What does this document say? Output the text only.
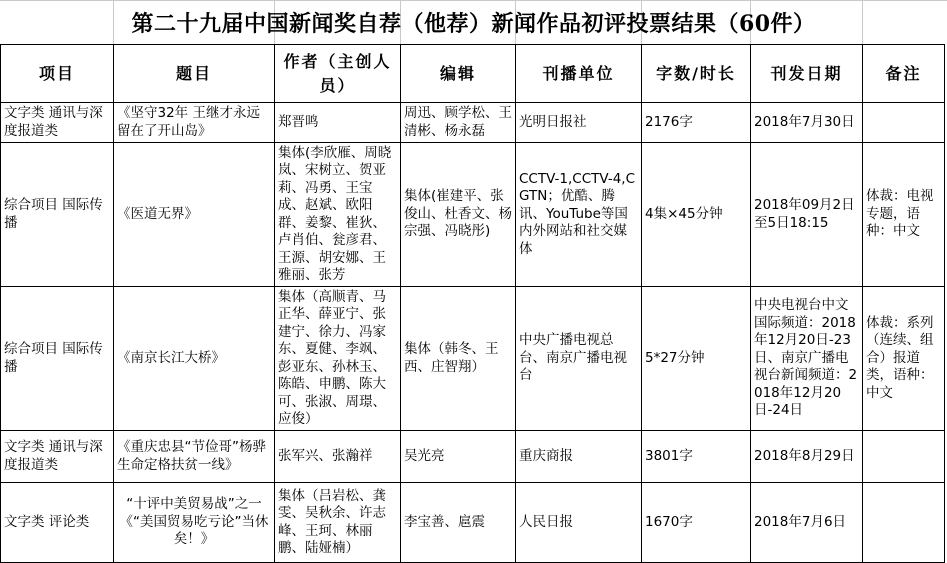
第二十九届中国新闻奖自荐（他荐）新闻作品初评投票结果（60件）
项目	题目	作者（主创人员）	编辑	刊播单位	字数/时长	刊发日期	备注
文字类 通讯与深度报道类	《坚守32年 王继才永远留在了开山岛》	郑晋鸣	周迅、顾学松、王清彬、杨永磊	光明日报社	2176字	2018年7月30日	
综合项目 国际传播	《医道无界》	集体(李欣雁、周晓岚、宋树立、贺亚莉、冯勇、王宝成、赵斌、欧阳群、姜黎、崔狄、卢肖伯、瓮彦君、王源、胡安娜、王雅丽、张芳	集体(崔建平、张俊山、杜香文、杨宗强、冯晓彤)	CCTV-1,CCTV-4,CGTN；优酷、腾讯、YouTube等国内外网站和社交媒体	4集×45分钟	2018年09月2日至5日18:15	体裁：电视专题，语种：中文
综合项目 国际传播	《南京长江大桥》	集体（高顺青、马正华、薛亚宁、张建宁、徐力、冯家东、夏健、李飒、彭亚东、孙林玉、陈皓、申鹏、陈大可、张淑、周璟、应俊）	集体（韩冬、王西、庄智翔）	中央广播电视总台、南京广播电视台	5*27分钟	中央电视台中文国际频道：2018年12月20日-23日、南京广播电视台新闻频道：2018年12月20日-24日	体裁：系列（连续、组合）报道类，语种：中文
文字类 通讯与深度报道类	《重庆忠县“节俭哥”杨骅生命定格扶贫一线》	张军兴、张瀚祥	吴光亮	重庆商报	3801字	2018年8月29日	
文字类 评论类	“十评中美贸易战”之一《“美国贸易吃亏论”当休矣！》	集体（吕岩松、龚雯、吴秋余、许志峰、王珂、林丽鹏、陆娅楠）	李宝善、扈震	人民日报	1670字	2018年7月6日	
